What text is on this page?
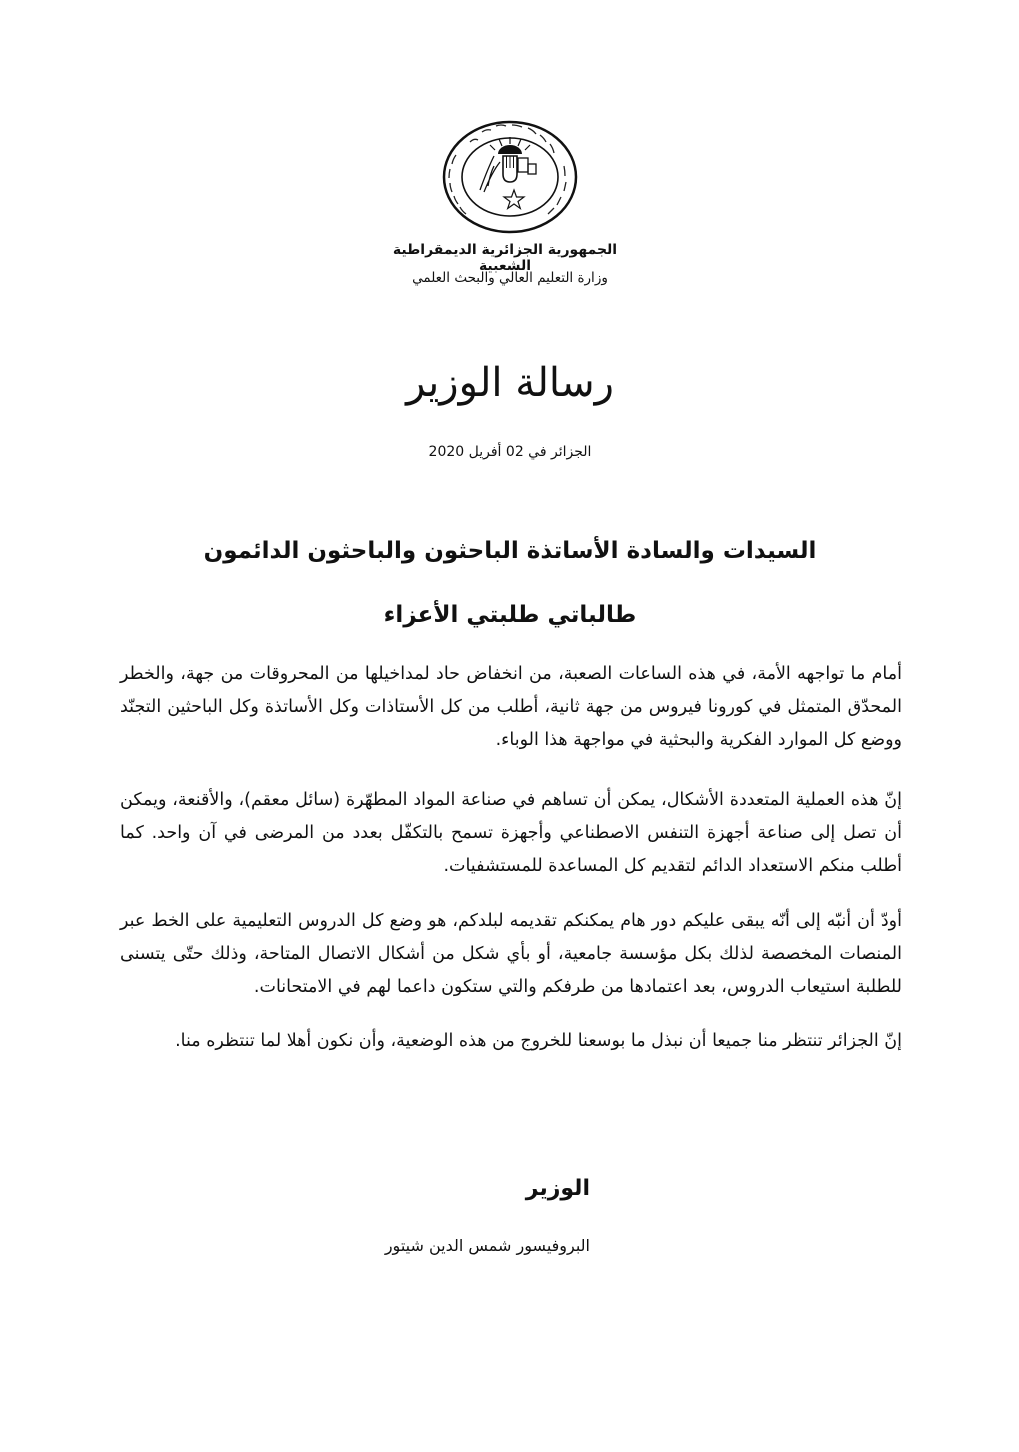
الجمهورية الجزائرية الديمقراطية الشعبية
وزارة التعليم العالي والبحث العلمي
رسالة الوزير
الجزائر في 02 أفريل 2020
السيدات والسادة الأساتذة الباحثون والباحثون الدائمون
طالباتي طلبتي الأعزاء

أمام ما تواجهه الأمة، في هذه الساعات الصعبة، من انخفاض حاد لمداخيلها من المحروقات من جهة، والخطر المحدّق المتمثل في كورونا فيروس من جهة ثانية، أطلب من كل الأستاذات وكل الأساتذة وكل الباحثين التجنّد ووضع كل الموارد الفكرية والبحثية في مواجهة هذا الوباء.

إنّ هذه العملية المتعددة الأشكال، يمكن أن تساهم في صناعة المواد المطهّرة (سائل معقم)، والأقنعة، ويمكن أن تصل إلى صناعة أجهزة التنفس الاصطناعي وأجهزة تسمح بالتكفّل بعدد من المرضى في آن واحد. كما أطلب منكم الاستعداد الدائم لتقديم كل المساعدة للمستشفيات.

أودّ أن أنبّه إلى أنّه يبقى عليكم دور هام يمكنكم تقديمه لبلدكم، هو وضع كل الدروس التعليمية على الخط عبر المنصات المخصصة لذلك بكل مؤسسة جامعية، أو بأي شكل من أشكال الاتصال المتاحة، وذلك حتّى يتسنى للطلبة استيعاب الدروس، بعد اعتمادها من طرفكم والتي ستكون داعما لهم في الامتحانات.

إنّ الجزائر تنتظر منا جميعا أن نبذل ما بوسعنا للخروج من هذه الوضعية، وأن نكون أهلا لما تنتظره منا.

الوزير
البروفيسور شمس الدين شيتور
